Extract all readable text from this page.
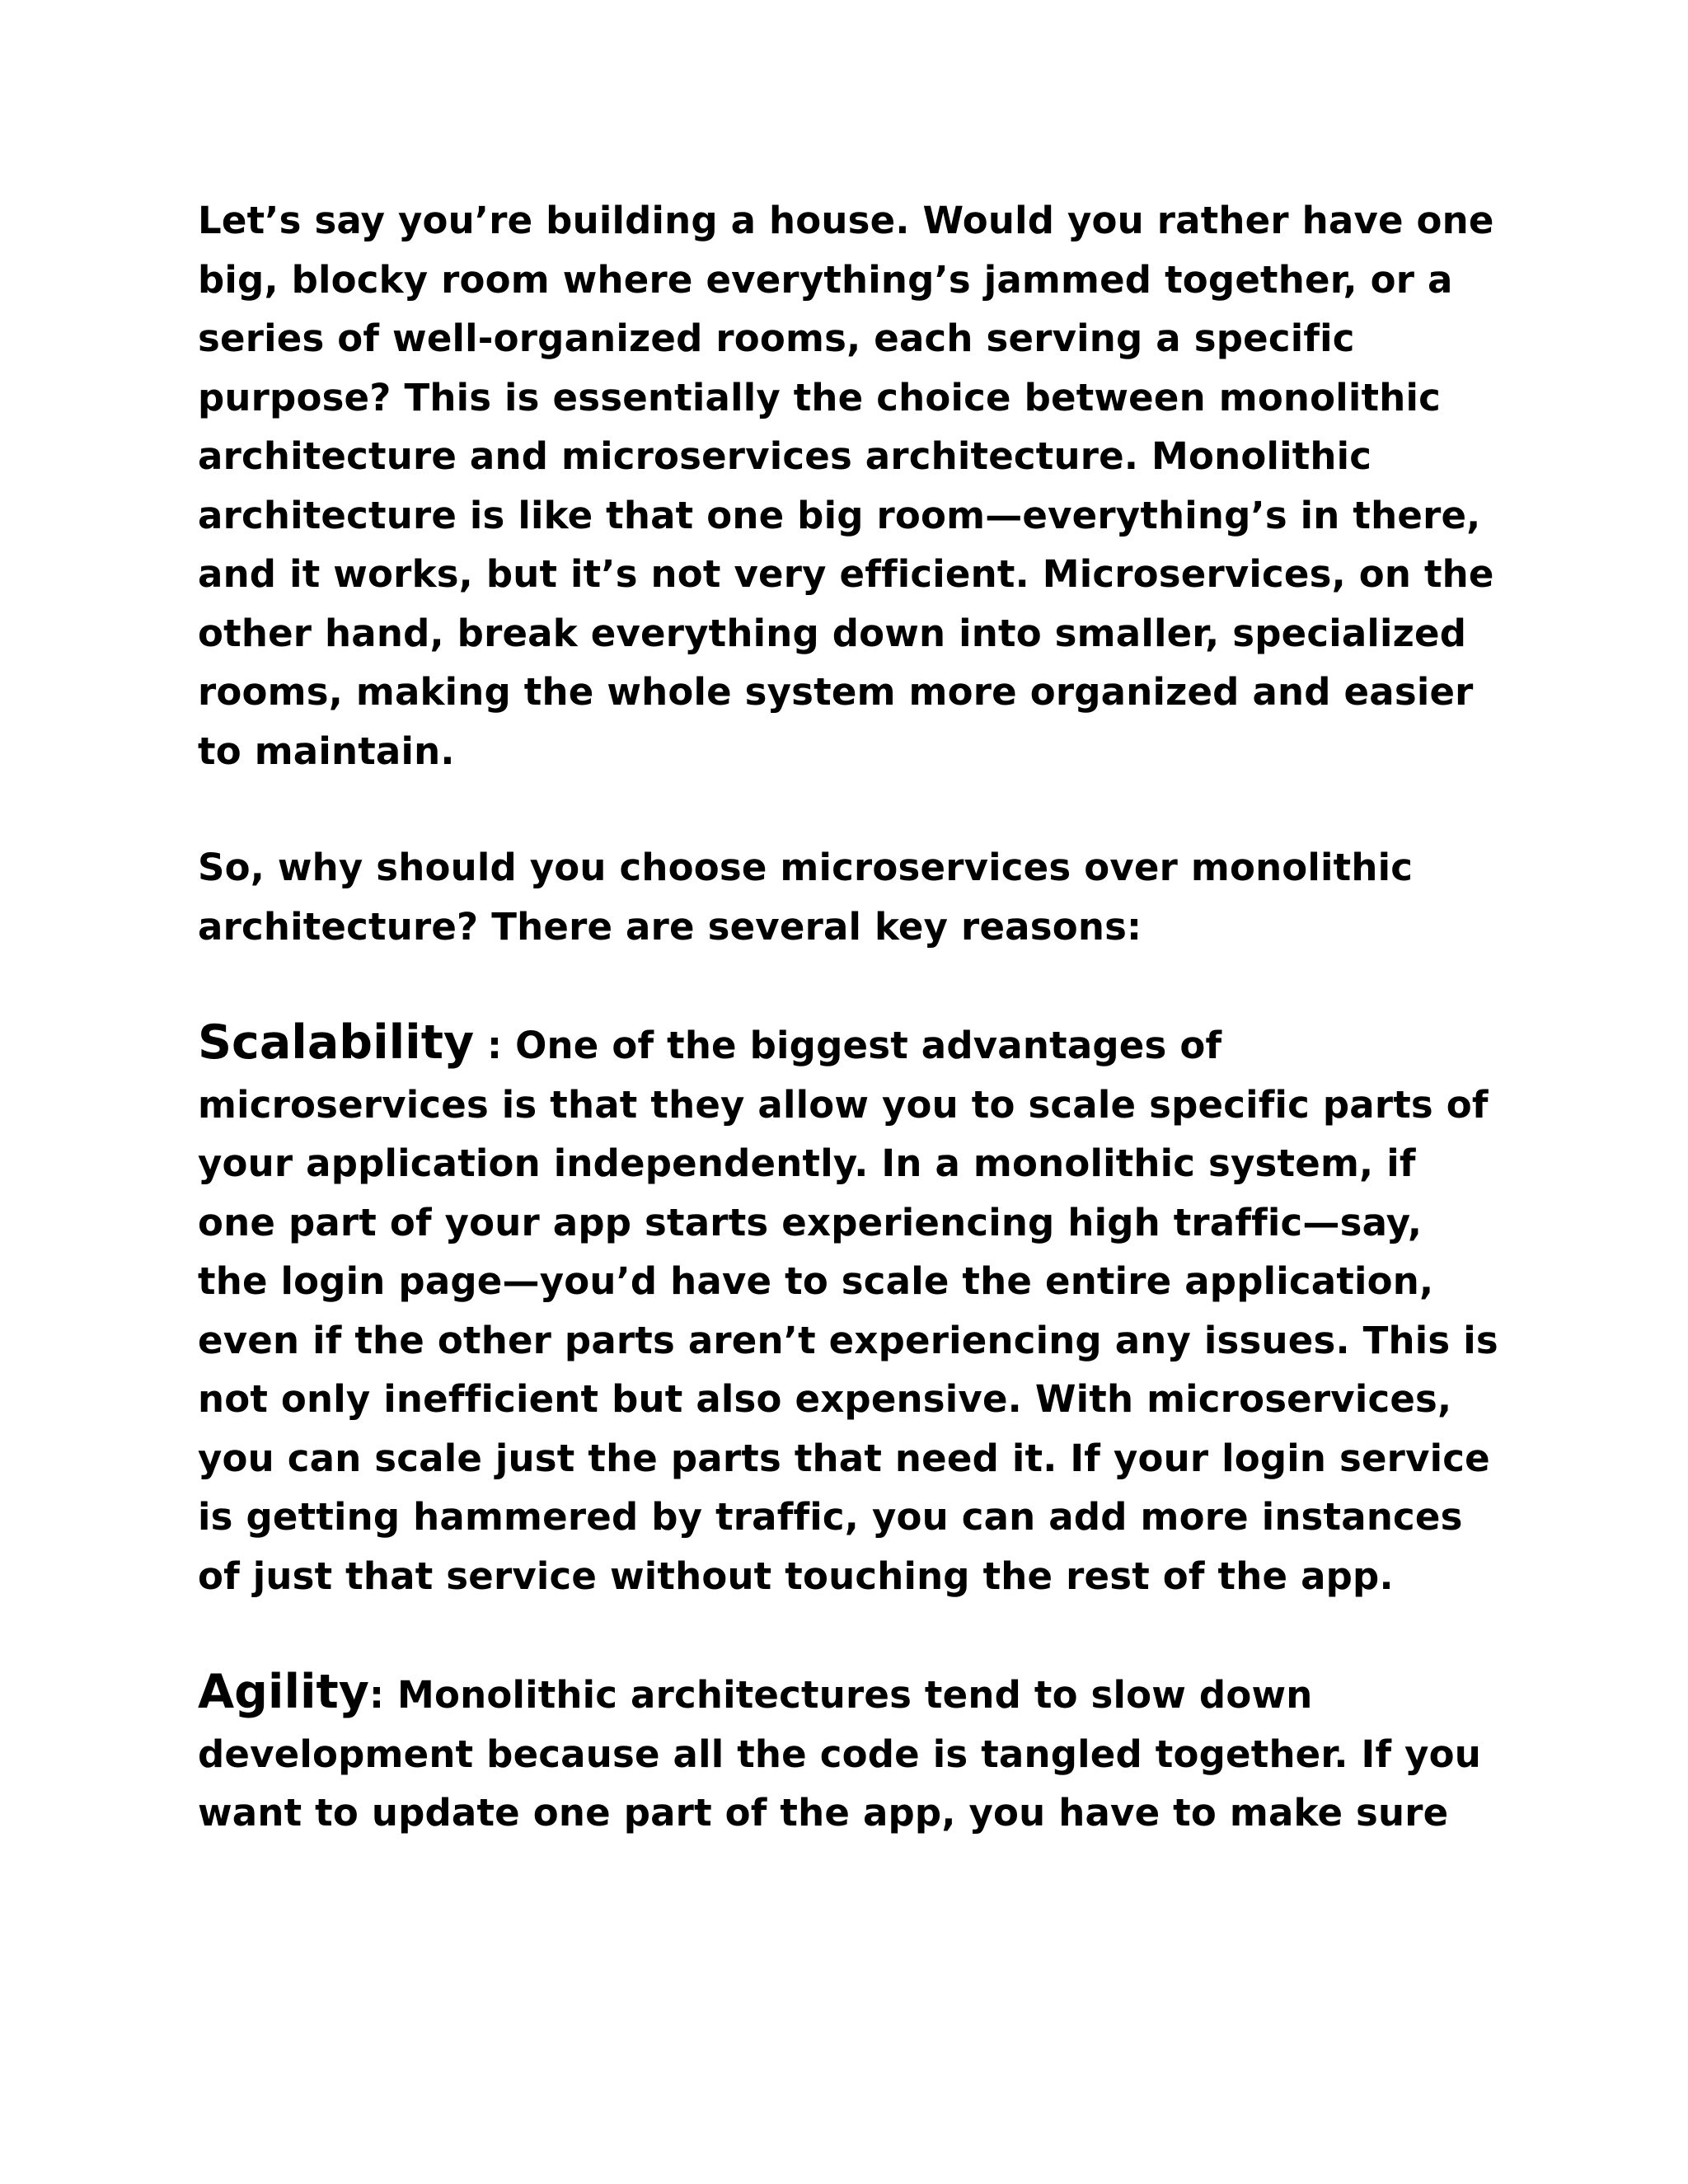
Let’s say you’re building a house. Would you rather have one big, blocky room where everything’s jammed together, or a series of well-organized rooms, each serving a specific purpose? This is essentially the choice between monolithic architecture and microservices architecture. Monolithic architecture is like that one big room—everything’s in there, and it works, but it’s not very efficient. Microservices, on the other hand, break everything down into smaller, specialized rooms, making the whole system more organized and easier to maintain.

So, why should you choose microservices over monolithic architecture? There are several key reasons:

Scalability : One of the biggest advantages of microservices is that they allow you to scale specific parts of your application independently. In a monolithic system, if one part of your app starts experiencing high traffic—say, the login page—you’d have to scale the entire application, even if the other parts aren’t experiencing any issues. This is not only inefficient but also expensive. With microservices, you can scale just the parts that need it. If your login service is getting hammered by traffic, you can add more instances of just that service without touching the rest of the app.

Agility: Monolithic architectures tend to slow down development because all the code is tangled together. If you want to update one part of the app, you have to make sure
